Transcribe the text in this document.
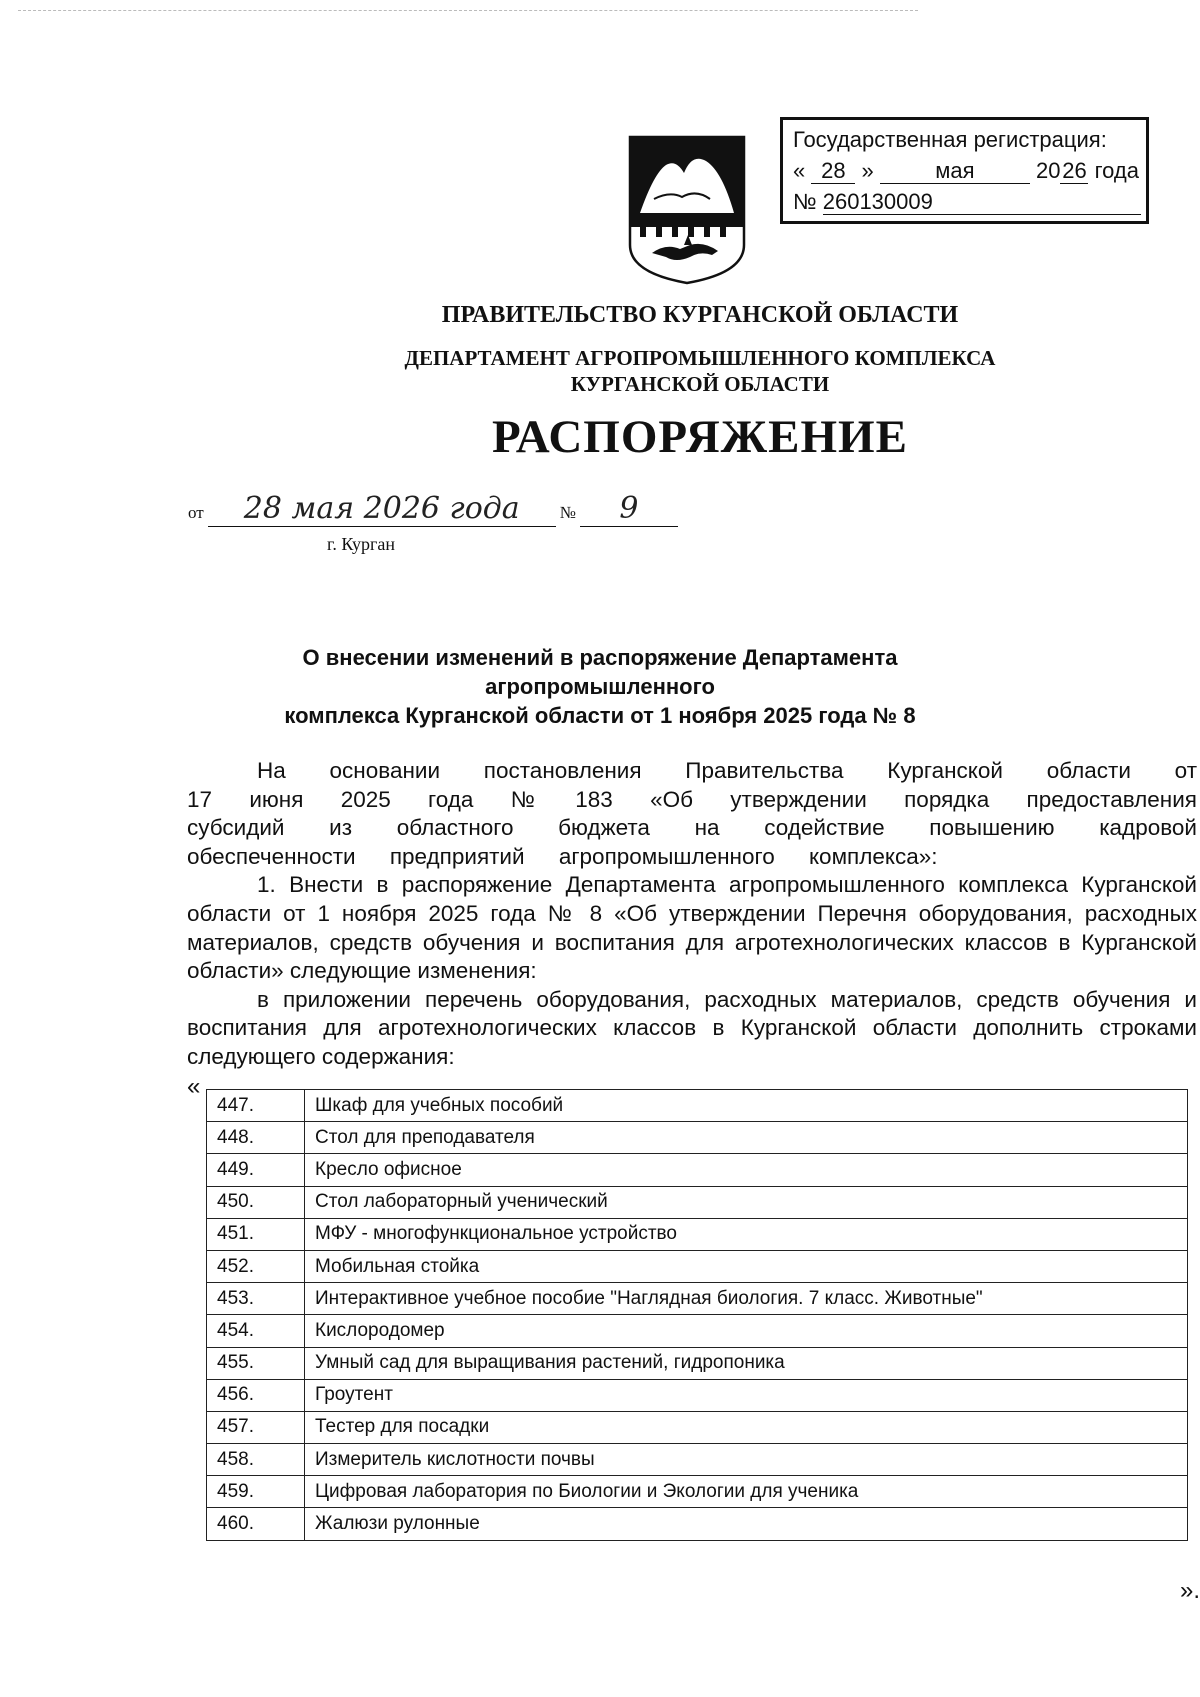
Государственная регистрация:
« 28 »	мая	2026 года
№ 260130009
ПРАВИТЕЛЬСТВО КУРГАНСКОЙ ОБЛАСТИ
ДЕПАРТАМЕНТ АГРОПРОМЫШЛЕННОГО КОМПЛЕКСА
КУРГАНСКОЙ ОБЛАСТИ
РАСПОРЯЖЕНИЕ
от 28 мая 2026 года № 9
г. Курган
О внесении изменений в распоряжение Департамента агропромышленного
комплекса Курганской области от 1 ноября 2025 года № 8

На основании постановления Правительства Курганской области от 17 июня 2025 года № 183 «Об утверждении порядка предоставления субсидий из областного бюджета на содействие повышению кадровой обеспеченности предприятий агропромышленного комплекса»:

1. Внести в распоряжение Департамента агропромышленного комплекса Курганской области от 1 ноября 2025 года № 8 «Об утверждении Перечня оборудования, расходных материалов, средств обучения и воспитания для агротехнологических классов в Курганской области» следующие изменения:

в приложении перечень оборудования, расходных материалов, средств обучения и воспитания для агротехнологических классов в Курганской области дополнить строками следующего содержания:

«
447.	Шкаф для учебных пособий
448.	Стол для преподавателя
449.	Кресло офисное
450.	Стол лабораторный ученический
451.	МФУ - многофункциональное устройство
452.	Мобильная стойка
453.	Интерактивное учебное пособие "Наглядная биология. 7 класс. Животные"
454.	Кислородомер
455.	Умный сад для выращивания растений, гидропоника
456.	Гроутент
457.	Тестер для посадки
458.	Измеритель кислотности почвы
459.	Цифровая лаборатория по Биологии и Экологии для ученика
460.	Жалюзи рулонные
».
